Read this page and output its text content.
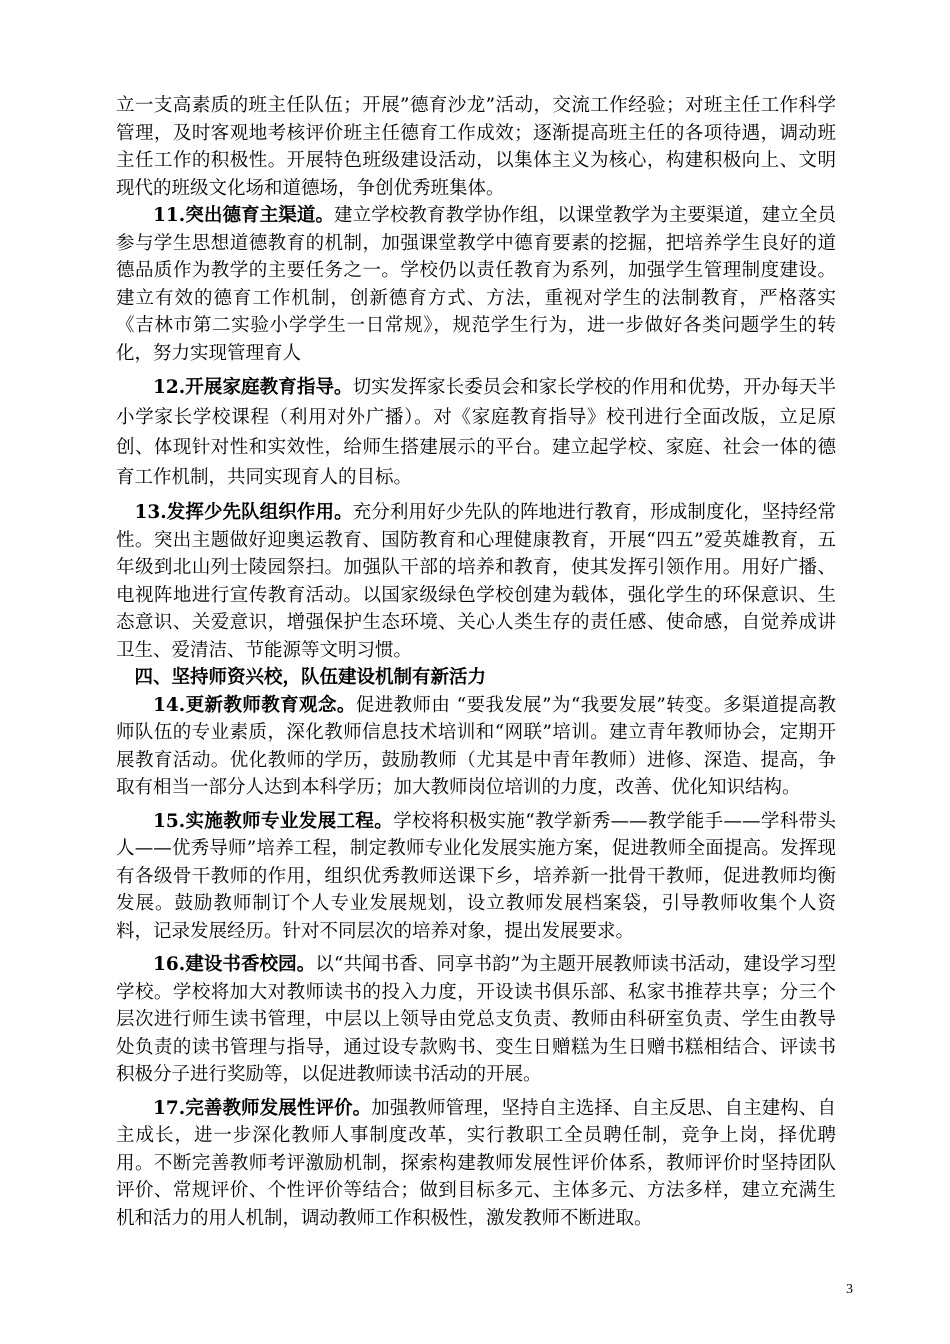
立一支高素质的班主任队伍；开展”德育沙龙”活动，交流工作经验；对班主任工作科学管理，及时客观地考核评价班主任德育工作成效；逐渐提高班主任的各项待遇，调动班主任工作的积极性。开展特色班级建设活动，以集体主义为核心，构建积极向上、文明现代的班级文化场和道德场，争创优秀班集体。

11.突出德育主渠道。建立学校教育教学协作组，以课堂教学为主要渠道，建立全员参与学生思想道德教育的机制，加强课堂教学中德育要素的挖掘，把培养学生良好的道德品质作为教学的主要任务之一。学校仍以责任教育为系列，加强学生管理制度建设。建立有效的德育工作机制，创新德育方式、方法，重视对学生的法制教育，严格落实《吉林市第二实验小学学生一日常规》，规范学生行为，进一步做好各类问题学生的转化，努力实现管理育人

12.开展家庭教育指导。切实发挥家长委员会和家长学校的作用和优势，开办每天半小学家长学校课程（利用对外广播）。对《家庭教育指导》校刊进行全面改版，立足原创、体现针对性和实效性，给师生搭建展示的平台。建立起学校、家庭、社会一体的德育工作机制，共同实现育人的目标。

13.发挥少先队组织作用。充分利用好少先队的阵地进行教育，形成制度化，坚持经常性。突出主题做好迎奥运教育、国防教育和心理健康教育，开展“四五”爱英雄教育，五年级到北山列士陵园祭扫。加强队干部的培养和教育，使其发挥引领作用。用好广播、电视阵地进行宣传教育活动。以国家级绿色学校创建为载体，强化学生的环保意识、生态意识、关爱意识，增强保护生态环境、关心人类生存的责任感、使命感，自觉养成讲卫生、爱清洁、节能源等文明习惯。

四、坚持师资兴校，队伍建设机制有新活力

14.更新教师教育观念。促进教师由 “要我发展”为“我要发展”转变。多渠道提高教师队伍的专业素质，深化教师信息技术培训和“网联”培训。建立青年教师协会，定期开展教育活动。优化教师的学历，鼓励教师（尤其是中青年教师）进修、深造、提高，争取有相当一部分人达到本科学历；加大教师岗位培训的力度，改善、优化知识结构。

15.实施教师专业发展工程。学校将积极实施“教学新秀——教学能手——学科带头人——优秀导师”培养工程，制定教师专业化发展实施方案，促进教师全面提高。发挥现有各级骨干教师的作用，组织优秀教师送课下乡，培养新一批骨干教师，促进教师均衡发展。鼓励教师制订个人专业发展规划，设立教师发展档案袋，引导教师收集个人资料，记录发展经历。针对不同层次的培养对象，提出发展要求。

16.建设书香校园。以“共闻书香、同享书韵”为主题开展教师读书活动，建设学习型学校。学校将加大对教师读书的投入力度，开设读书俱乐部、私家书推荐共享；分三个层次进行师生读书管理，中层以上领导由党总支负责、教师由科研室负责、学生由教导处负责的读书管理与指导，通过设专款购书、变生日赠糕为生日赠书糕相结合、评读书积极分子进行奖励等，以促进教师读书活动的开展。

17.完善教师发展性评价。加强教师管理，坚持自主选择、自主反思、自主建构、自主成长，进一步深化教师人事制度改革，实行教职工全员聘任制，竞争上岗，择优聘用。不断完善教师考评激励机制，探索构建教师发展性评价体系，教师评价时坚持团队评价、常规评价、个性评价等结合；做到目标多元、主体多元、方法多样，建立充满生机和活力的用人机制，调动教师工作积极性，激发教师不断进取。

3
